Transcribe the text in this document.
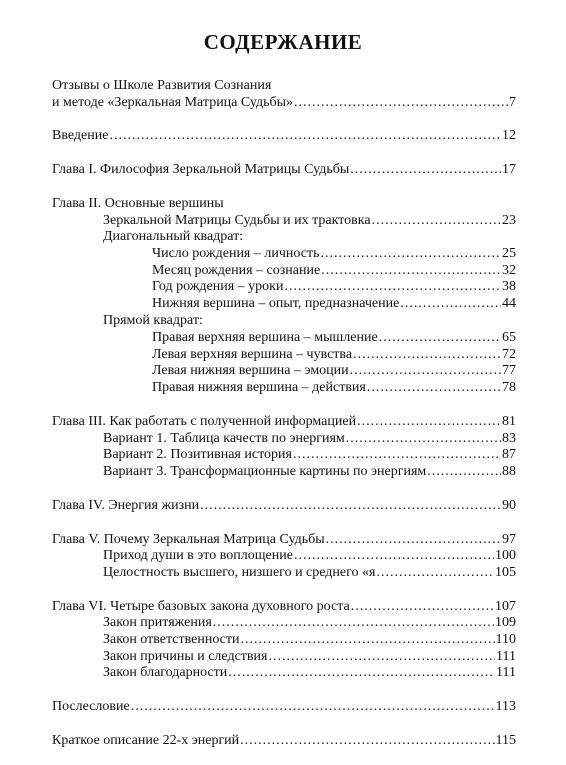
СОДЕРЖАНИЕ
Отзывы о Школе Развития Сознания
и методе «Зеркальная Матрица Судьбы» .....	7
Введение .....	12
Глава I. Философия Зеркальной Матрицы Судьбы .....	17
Глава II. Основные вершины
Зеркальной Матрицы Судьбы и их трактовка .....	23
Диагональный квадрат:
Число рождения – личность .....	25
Месяц рождения – сознание .....	32
Год рождения – уроки .....	38
Нижняя вершина – опыт, предназначение .....	44
Прямой квадрат:
Правая верхняя вершина – мышление .....	65
Левая верхняя вершина – чувства .....	72
Левая нижняя вершина – эмоции .....	77
Правая нижняя вершина – действия .....	78
Глава III. Как работать с полученной информацией .....	81
Вариант 1. Таблица качеств по энергиям .....	83
Вариант 2. Позитивная история .....	87
Вариант 3. Трансформационные картины по энергиям .....	88
Глава IV. Энергия жизни .....	90
Глава V. Почему Зеркальная Матрица Судьбы .....	97
Приход души в это воплощение .....	100
Целостность высшего, низшего и среднего «я .....	105
Глава VI. Четыре базовых закона духовного роста .....	107
Закон притяжения .....	109
Закон ответственности .....	110
Закон причины и следствия .....	111
Закон благодарности .....	111
Послесловие .....	113
Краткое описание 22-х энергий .....	115
